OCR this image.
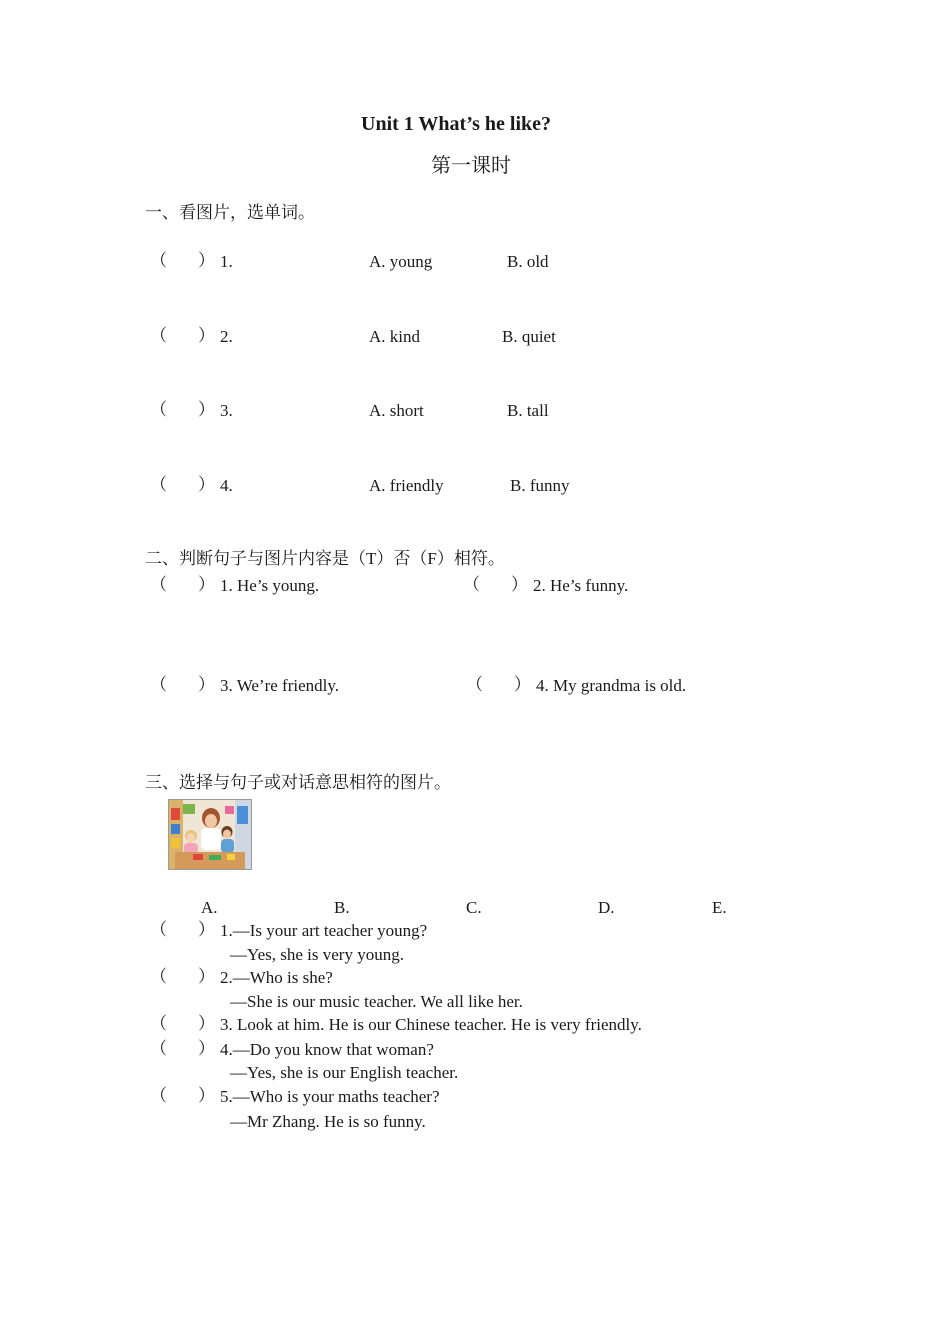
Unit 1 What’s he like?
第一课时
一、看图片，选单词。
（ ） 1.	A. young	B. old
（ ） 2.	A. kind	B. quiet
（ ） 3.	A. short	B. tall
（ ） 4.	A. friendly	B. funny
二、判断句子与图片内容是（T）否（F）相符。
（ ） 1. He’s young.	（ ） 2. He’s funny.
（ ） 3. We’re friendly.	（ ） 4. My grandma is old.
三、选择与句子或对话意思相符的图片。
A.	B.	C.	D.	E.
（ ） 1.—Is your art teacher young?
—Yes, she is very young.
（ ） 2.—Who is she?
—She is our music teacher. We all like her.
（ ） 3. Look at him. He is our Chinese teacher. He is very friendly.
（ ） 4.—Do you know that woman?
—Yes, she is our English teacher.
（ ） 5.—Who is your maths teacher?
—Mr Zhang. He is so funny.
